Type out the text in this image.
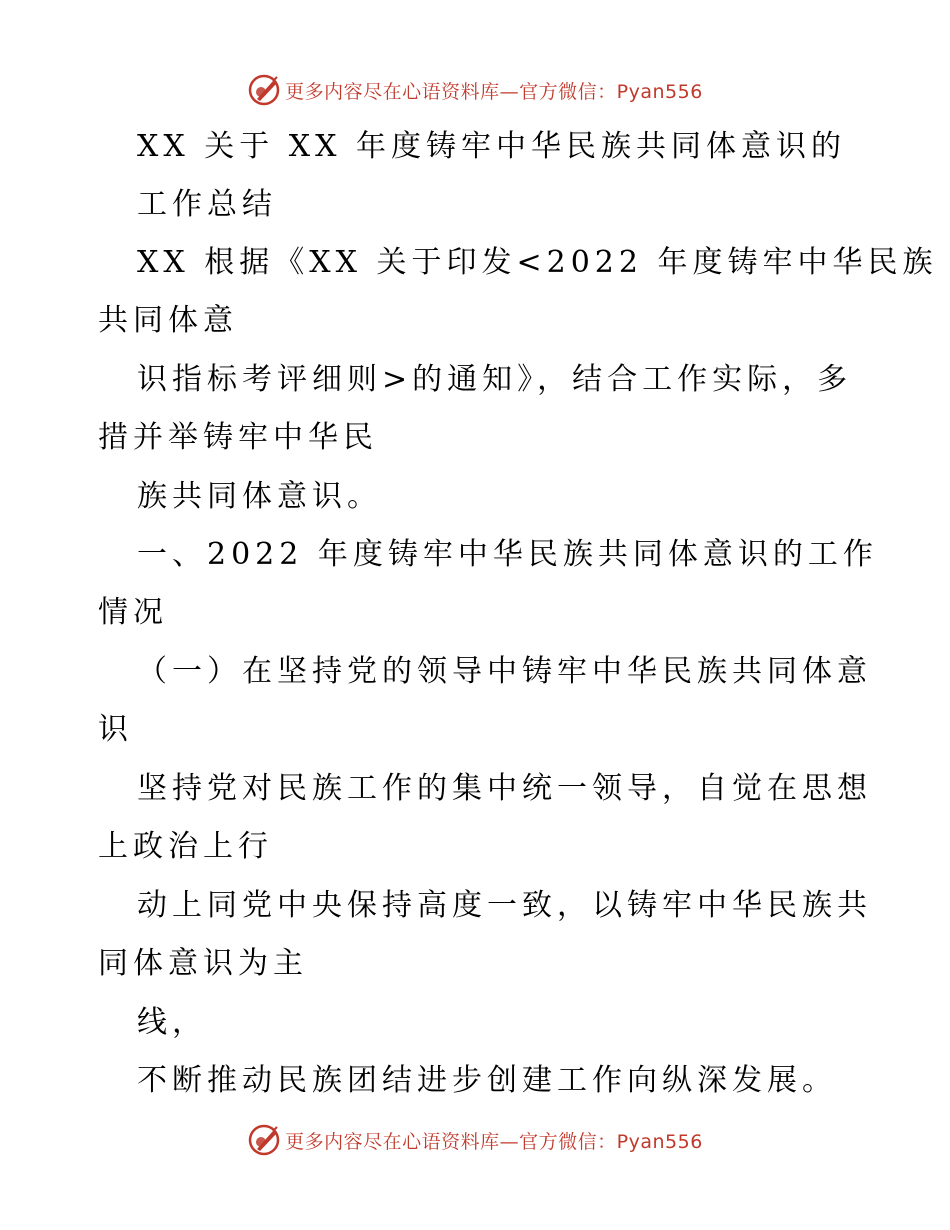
更多内容尽在心语资料库—官方微信：Pyan556
XX 关于 XX 年度铸牢中华民族共同体意识的
工作总结
XX 根据《XX 关于印发<2022 年度铸牢中华民族
共同体意
识指标考评细则>的通知》，结合工作实际，多
措并举铸牢中华民
族共同体意识。
一、2022 年度铸牢中华民族共同体意识的工作
情况
（一）在坚持党的领导中铸牢中华民族共同体意
识
坚持党对民族工作的集中统一领导，自觉在思想
上政治上行
动上同党中央保持高度一致，以铸牢中华民族共
同体意识为主
线，
不断推动民族团结进步创建工作向纵深发展。
更多内容尽在心语资料库—官方微信：Pyan556
